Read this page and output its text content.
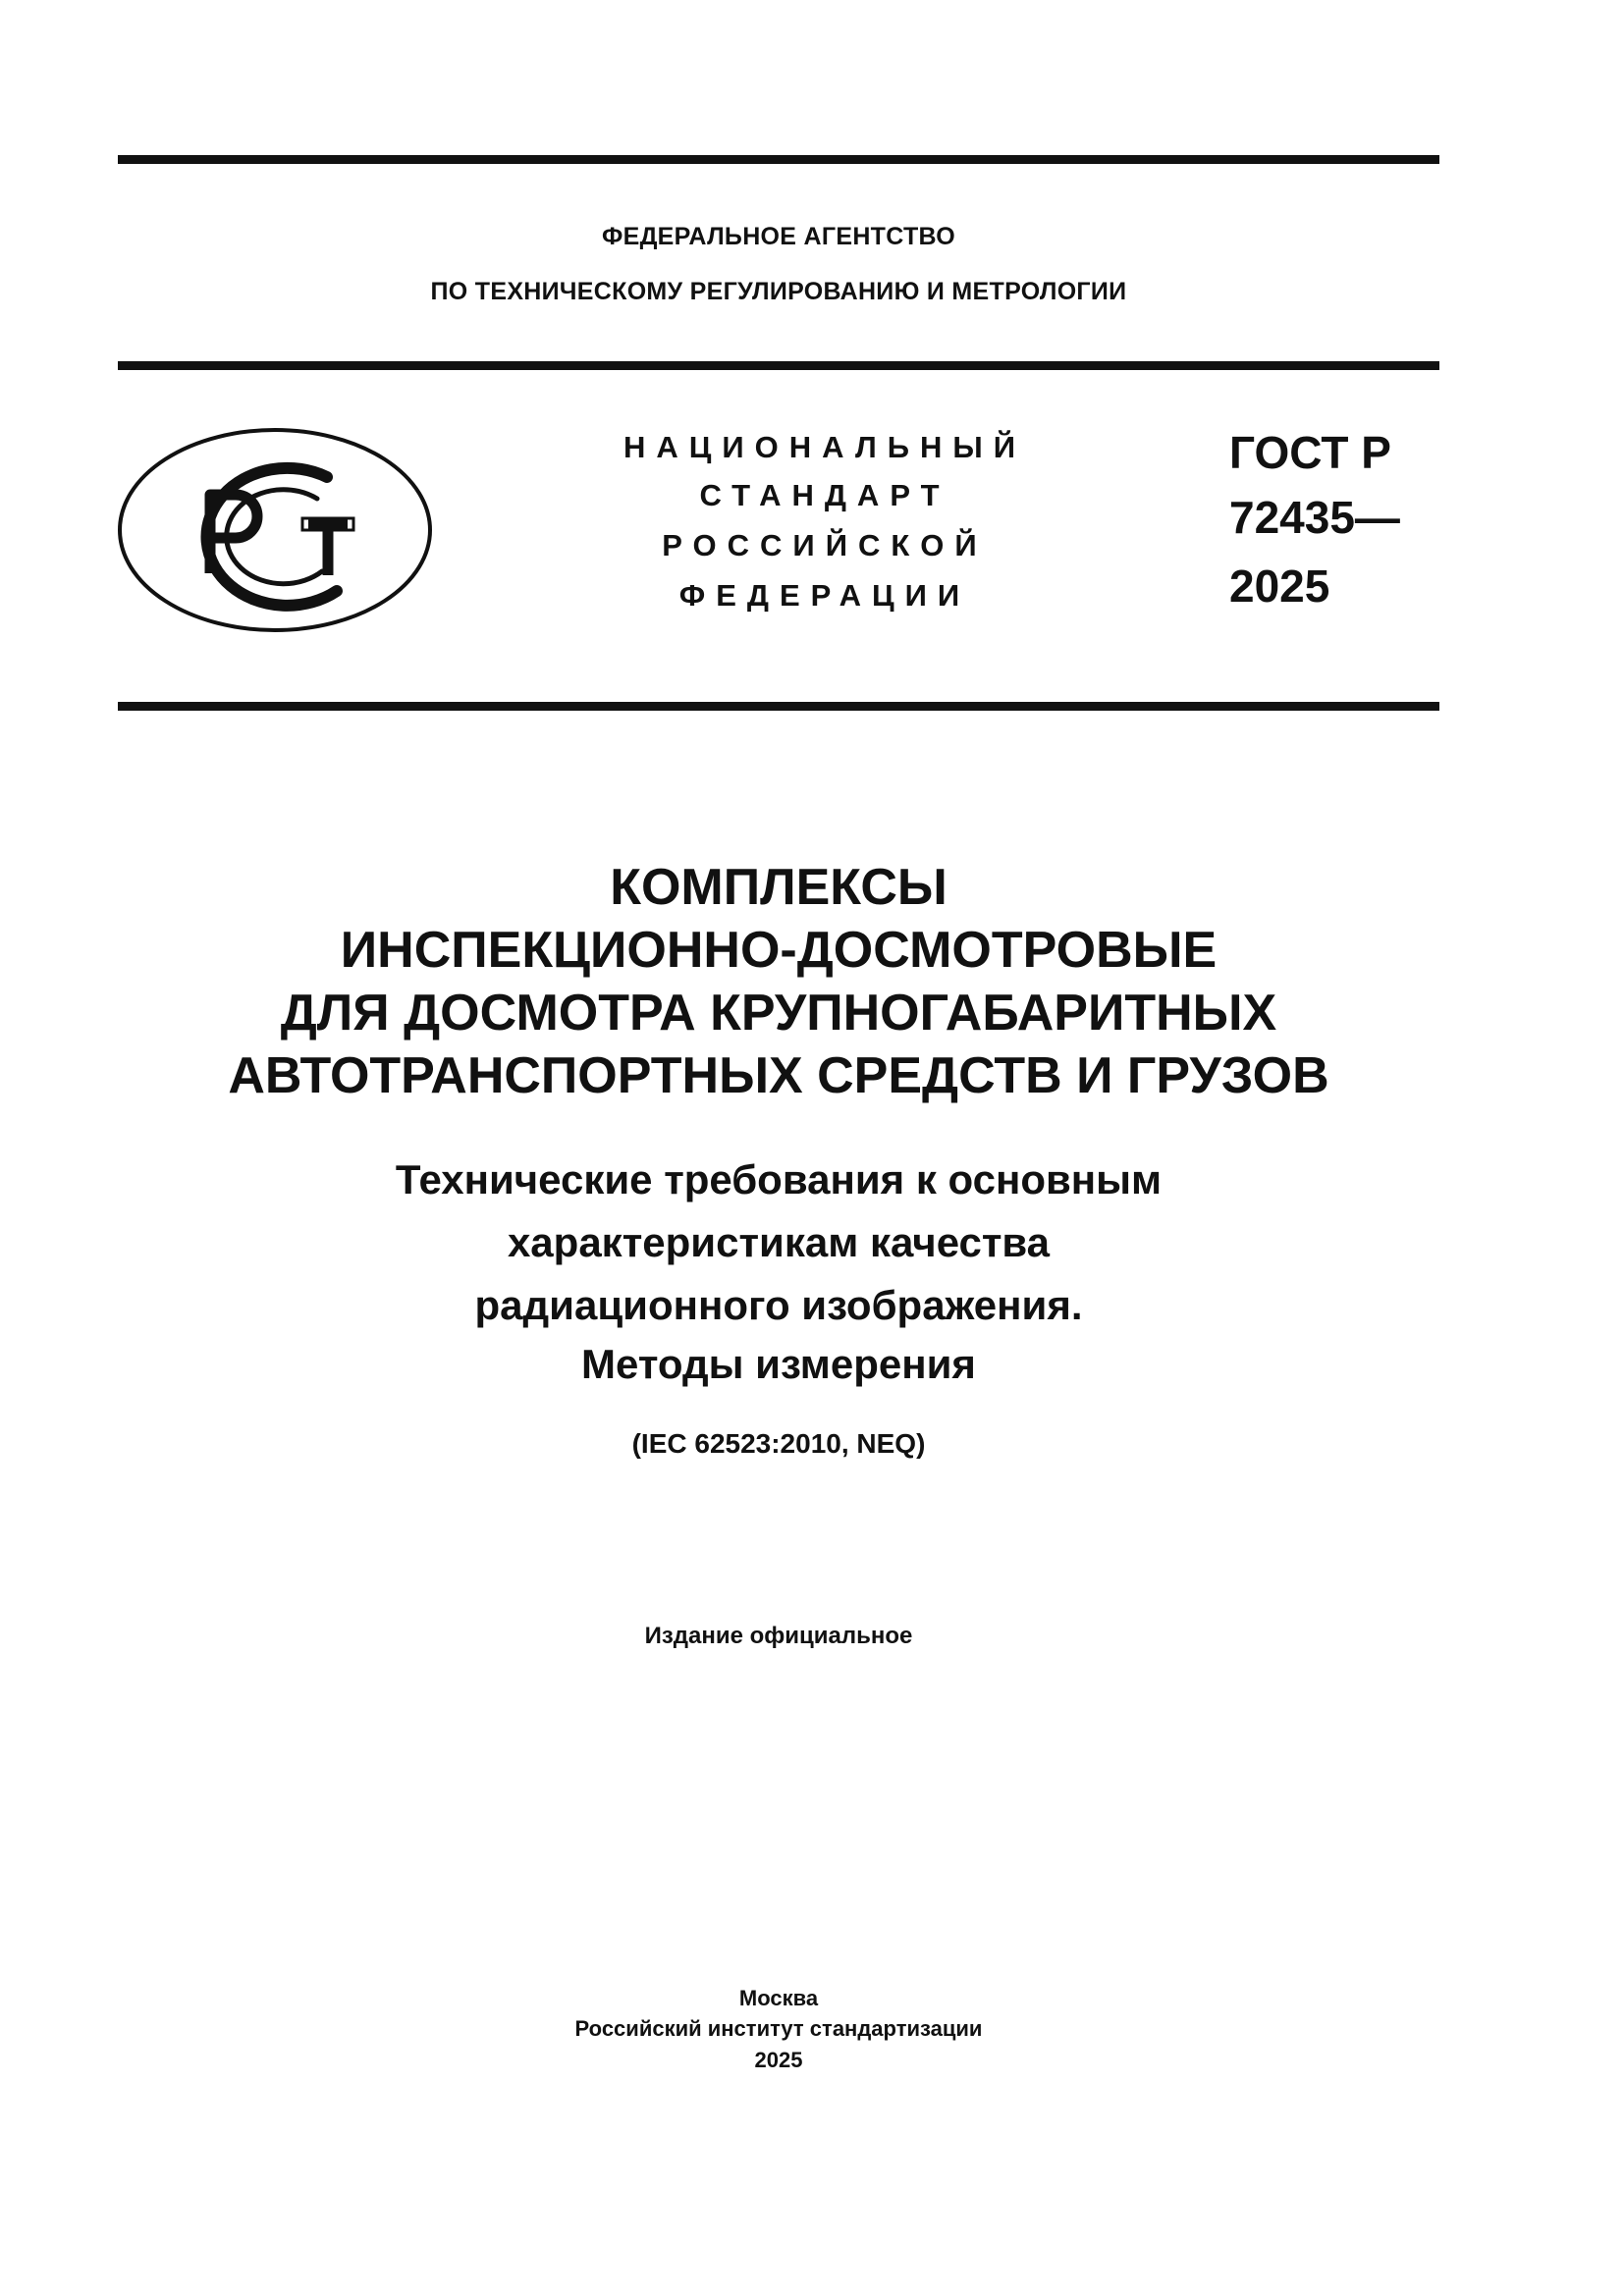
ФЕДЕРАЛЬНОЕ АГЕНТСТВО
ПО ТЕХНИЧЕСКОМУ РЕГУЛИРОВАНИЮ И МЕТРОЛОГИИ
НАЦИОНАЛЬНЫЙ
СТАНДАРТ
РОССИЙСКОЙ
ФЕДЕРАЦИИ
ГОСТ Р
72435—
2025
КОМПЛЕКСЫ
ИНСПЕКЦИОННО-ДОСМОТРОВЫЕ
ДЛЯ ДОСМОТРА КРУПНОГАБАРИТНЫХ
АВТОТРАНСПОРТНЫХ СРЕДСТВ И ГРУЗОВ
Технические требования к основным
характеристикам качества
радиационного изображения.
Методы измерения
(IEC 62523:2010, NEQ)
Издание официальное
Москва
Российский институт стандартизации
2025
